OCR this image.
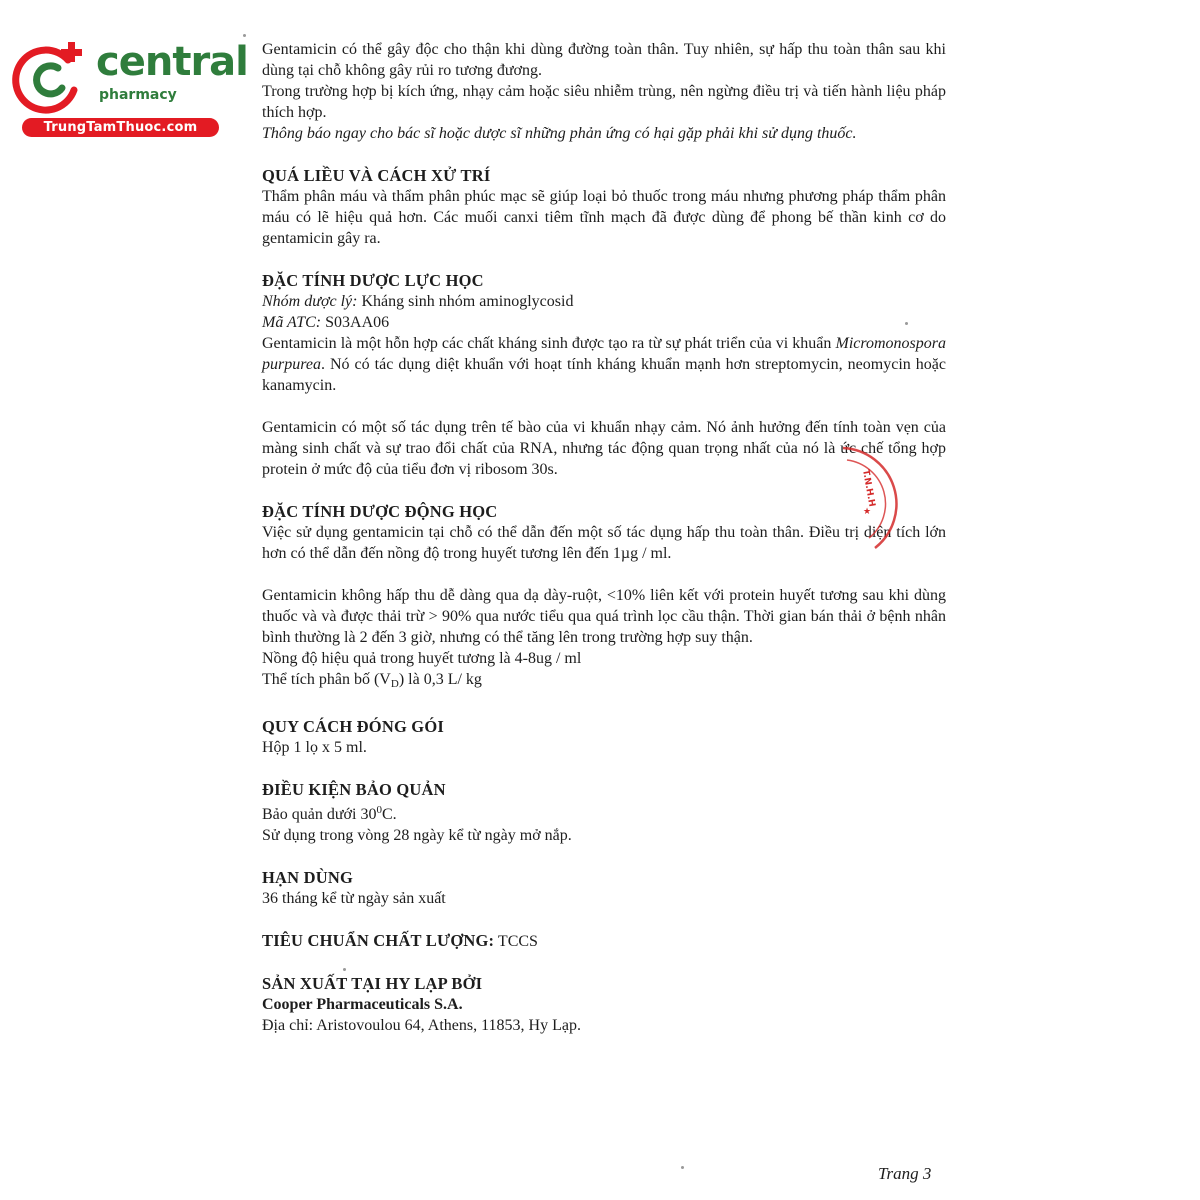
central
pharmacy
TrungTamThuoc.com

Gentamicin có thể gây độc cho thận khi dùng đường toàn thân. Tuy nhiên, sự hấp thu toàn thân sau khi dùng tại chỗ không gây rủi ro tương đương.

Trong trường hợp bị kích ứng, nhạy cảm hoặc siêu nhiễm trùng, nên ngừng điều trị và tiến hành liệu pháp thích hợp.

Thông báo ngay cho bác sĩ hoặc dược sĩ những phản ứng có hại gặp phải khi sử dụng thuốc.

QUÁ LIỀU VÀ CÁCH XỬ TRÍ

Thẩm phân máu và thẩm phân phúc mạc sẽ giúp loại bỏ thuốc trong máu nhưng phương pháp thẩm phân máu có lẽ hiệu quả hơn. Các muối canxi tiêm tĩnh mạch đã được dùng để phong bế thần kinh cơ do gentamicin gây ra.

ĐẶC TÍNH DƯỢC LỰC HỌC

Nhóm dược lý: Kháng sinh nhóm aminoglycosid

Mã ATC: S03AA06

Gentamicin là một hỗn hợp các chất kháng sinh được tạo ra từ sự phát triển của vi khuẩn Micromonospora purpurea. Nó có tác dụng diệt khuẩn với hoạt tính kháng khuẩn mạnh hơn streptomycin, neomycin hoặc kanamycin.

Gentamicin có một số tác dụng trên tế bào của vi khuẩn nhạy cảm. Nó ảnh hưởng đến tính toàn vẹn của màng sinh chất và sự trao đổi chất của RNA, nhưng tác động quan trọng nhất của nó là ức chế tổng hợp protein ở mức độ của tiểu đơn vị ribosom 30s.

ĐẶC TÍNH DƯỢC ĐỘNG HỌC

Việc sử dụng gentamicin tại chỗ có thể dẫn đến một số tác dụng hấp thu toàn thân. Điều trị diện tích lớn hơn có thể dẫn đến nồng độ trong huyết tương lên đến 1µg / ml.

Gentamicin không hấp thu dễ dàng qua dạ dày-ruột, <10% liên kết với protein huyết tương sau khi dùng thuốc và và được thải trừ > 90% qua nước tiểu qua quá trình lọc cầu thận. Thời gian bán thải ở bệnh nhân bình thường là 2 đến 3 giờ, nhưng có thể tăng lên trong trường hợp suy thận.

Nồng độ hiệu quả trong huyết tương là 4-8ug / ml

Thể tích phân bố $(V_D)$ là 0,3 L/ kg

QUY CÁCH ĐÓNG GÓI

Hộp 1 lọ x 5 ml.

ĐIỀU KIỆN BẢO QUẢN

Bảo quản dưới $30^0C$.

Sử dụng trong vòng 28 ngày kể từ ngày mở nắp.

HẠN DÙNG

36 tháng kể từ ngày sản xuất

TIÊU CHUẨN CHẤT LƯỢNG: TCCS

SẢN XUẤT TẠI HY LẠP BỞI

Cooper Pharmaceuticals S.A.

Địa chỉ: Aristovoulou 64, Athens, 11853, Hy Lạp.

T.N.H.H
★
Trang 3
